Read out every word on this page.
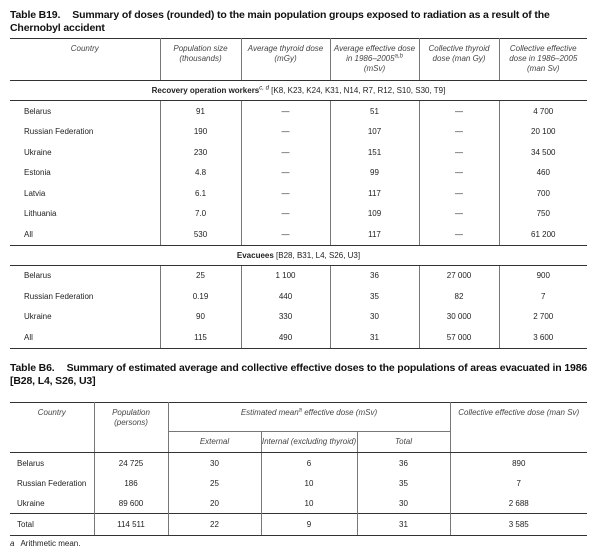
Table B19. Summary of doses (rounded) to the main population groups exposed to radiation as a result of the Chernobyl accident
Country	Population size (thousands)	Average thyroid dose (mGy)	Average effective dose in 1986–2005$^{a,b}$
(mSv)	Collective thyroid dose (man Gy)	Collective effective dose in 1986–2005 (man Sv)
Recovery operation workers$^{c, d}$ [K8, K23, K24, K31, N14, R7, R12, S10, S30, T9]					
Belarus	91	—	51	—	4 700
Russian Federation	190	—	107	—	20 100
Ukraine	230	—	151	—	34 500
Estonia	4.8	—	99	—	460
Latvia	6.1	—	117	—	700
Lithuania	7.0	—	109	—	750
All	530	—	117	—	61 200
Evacuees [B28, B31, L4, S26, U3]					
Belarus	25	1 100	36	27 000	900
Russian Federation	0.19	440	35	82	7
Ukraine	90	330	30	30 000	2 700
All	115	490	31	57 000	3 600
Table B6. Summary of estimated average and collective effective doses to the populations of areas evacuated in 1986 [B28, L4, S26, U3]
Country	Population (persons)	Estimated mean$^a$ effective dose (mSv)			Collective effective dose (man Sv)
		External	Internal (excluding thyroid)	Total	
Belarus	24 725	30	6	36	890
Russian Federation	186	25	10	35	7
Ukraine	89 600	20	10	30	2 688
Total	114 511	22	9	31	3 585
a Arithmetic mean.
